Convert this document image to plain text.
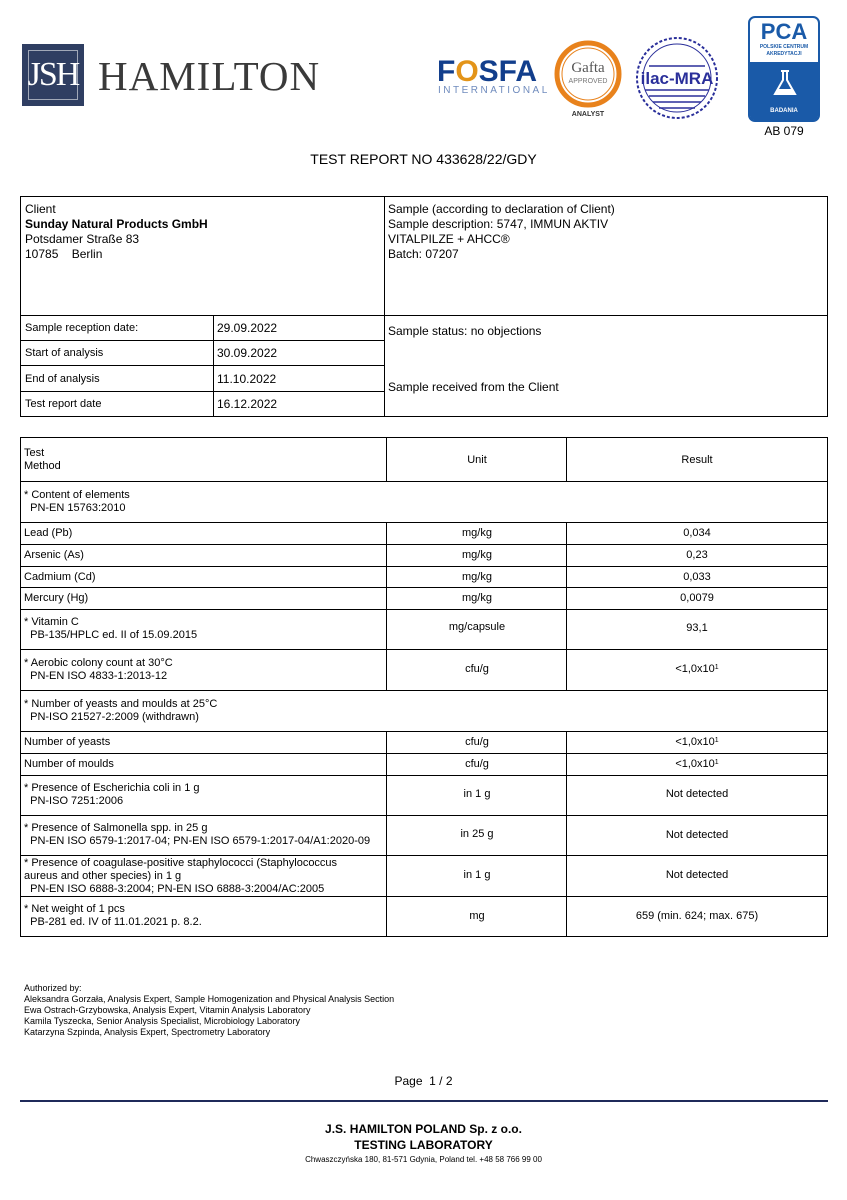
JSH HAMILTON	FOSFA
INTERNATIONAL
Gafta
APPROVED
ANALYST
ilac-MRA
PCA
POLSKIE CENTRUM
AKREDYTACJI
BADANIA
AB 079
TEST REPORT NO 433628/22/GDY
Client
Sunday Natural Products GmbH
Potsdamer Straße 83
10785    Berlin
Sample (according to declaration of Client)
Sample description: 5747, IMMUN AKTIV
VITALPILZE + AHCC®
Batch: 07207
Sample reception date:	29.09.2022
Start of analysis	30.09.2022
End of analysis	11.10.2022
Test report date	16.12.2022
Sample status: no objections
Sample received from the Client
Test
Method	Unit	Result
* Content of elements
PN-EN 15763:2010
Lead (Pb)	mg/kg	0,034
Arsenic (As)	mg/kg	0,23
Cadmium (Cd)	mg/kg	0,033
Mercury (Hg)	mg/kg	0,0079
* Vitamin C
PB-135/HPLC ed. II of 15.09.2015
mg/capsule	93,1
* Aerobic colony count at 30°C
PN-EN ISO 4833-1:2013-12
cfu/g	$<1,0x10^1$
* Number of yeasts and moulds at 25°C
PN-ISO 21527-2:2009 (withdrawn)
Number of yeasts	cfu/g	$<1,0x10^1$
Number of moulds	cfu/g	$<1,0x10^1$
* Presence of Escherichia coli in 1 g
PN-ISO 7251:2006
in 1 g	Not detected
* Presence of Salmonella spp. in 25 g
PN-EN ISO 6579-1:2017-04; PN-EN ISO 6579-1:2017-04/A1:2020-09
in 25 g	Not detected
* Presence of coagulase-positive staphylococci (Staphylococcus
aureus and other species) in 1 g
PN-EN ISO 6888-3:2004; PN-EN ISO 6888-3:2004/AC:2005
in 1 g	Not detected
* Net weight of 1 pcs
PB-281 ed. IV of 11.01.2021 p. 8.2.	mg	659 (min. 624; max. 675)
Authorized by:
Aleksandra Gorzała, Analysis Expert, Sample Homogenization and Physical Analysis Section
Ewa Ostrach-Grzybowska, Analysis Expert, Vitamin Analysis Laboratory
Kamila Tyszecka, Senior Analysis Specialist, Microbiology Laboratory
Katarzyna Szpinda, Analysis Expert, Spectrometry Laboratory
Page  1 / 2
J.S. HAMILTON POLAND Sp. z o.o.
TESTING LABORATORY
Chwaszczyńska 180, 81-571 Gdynia, Poland tel. +48 58 766 99 00
